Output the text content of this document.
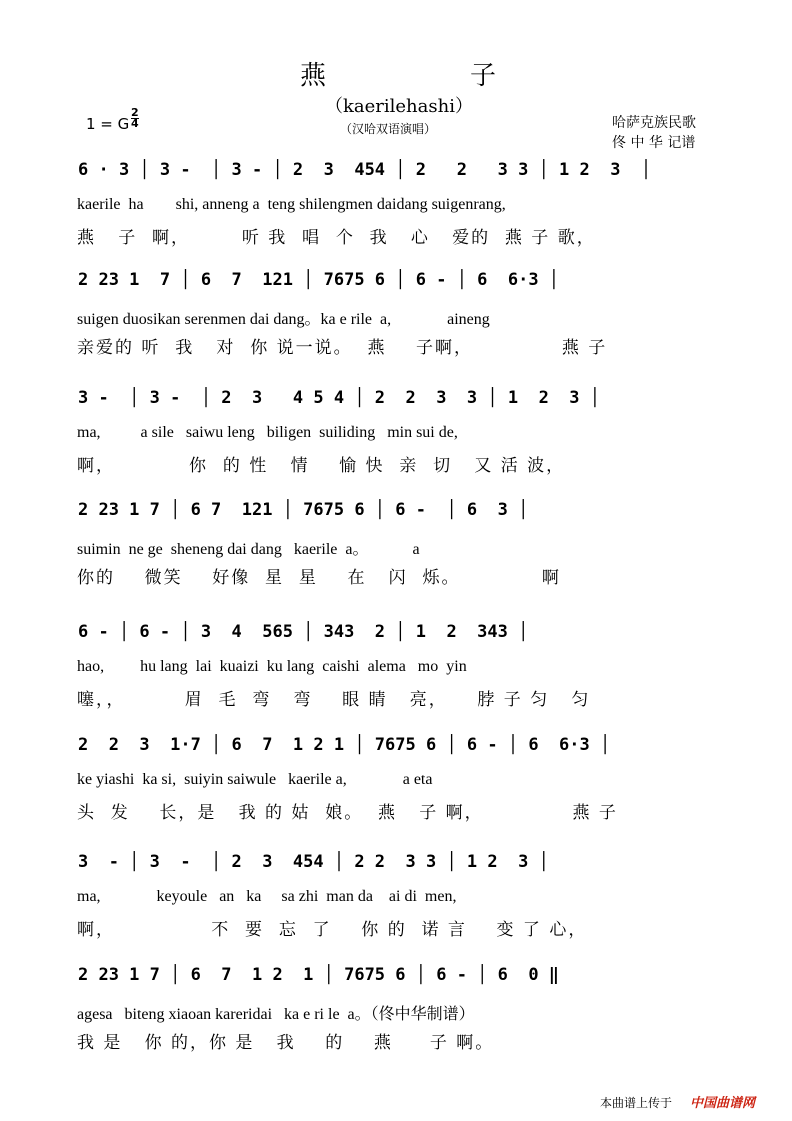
燕	子
（kaerilehashi）
（汉哈双语演唱）
1 = G
2
4	哈萨克族民歌
佟 中 华 记谱
6 · 3 │ 3 -  │ 3 - │ 2  3  454 │ 2   2   3 3 │ 1 2  3  │
kaerile  ha        shi, anneng a  teng shilengmen daidang suigenrang,
燕   子  啊，       听 我  唱  个  我   心   爱的  燕 子 歌，
2 23 1  7 │ 6  7  121 │ 7675 6 │ 6 - │ 6  6·3 │
suigen duosikan serenmen dai dang。ka e rile  a,              aineng
亲爱的 听  我   对  你 说一说。  燕    子啊，            燕 子
3 -  │ 3 -  │ 2  3   4 5 4 │ 2  2  3  3 │ 1  2  3 │
ma,          a sile   saiwu leng   biligen  suiliding   min sui de,
啊，          你  的 性   情    愉 快  亲  切   又 活 波，
2 23 1 7 │ 6 7  121 │ 7675 6 │ 6 -  │ 6  3 │
suimin  ne ge  sheneng dai dang   kaerile  a。           a
你的    微笑    好像  星  星    在   闪  烁。           啊
6 - │ 6 - │ 3  4  565 │ 343  2 │ 1  2  343 │
hao,         hu lang  lai  kuaizi  ku lang  caishi  alema   mo  yin
噻，，        眉  毛  弯   弯    眼 睛   亮，    脖 子 匀   匀
2  2  3  1·7 │ 6  7  1 2 1 │ 7675 6 │ 6 - │ 6  6·3 │
ke yiashi  ka si,  suiyin saiwule   kaerile a,              a eta
头  发    长，是   我 的 姑  娘。  燕   子 啊，            燕 子
3  - │ 3  -  │ 2  3  454 │ 2 2  3 3 │ 1 2  3 │
ma,              keyoule   an   ka     sa zhi  man da    ai di  men,
啊，             不  要  忘  了    你 的  诺 言    变 了 心，
2 23 1 7 │ 6  7  1 2  1 │ 7675 6 │ 6 - │ 6  0 ‖
agesa   biteng xiaoan kareridai   ka e ri le  a。（佟中华制谱）
我 是   你 的，你 是   我    的    燕     子 啊。
本曲谱上传于 中国曲谱网
